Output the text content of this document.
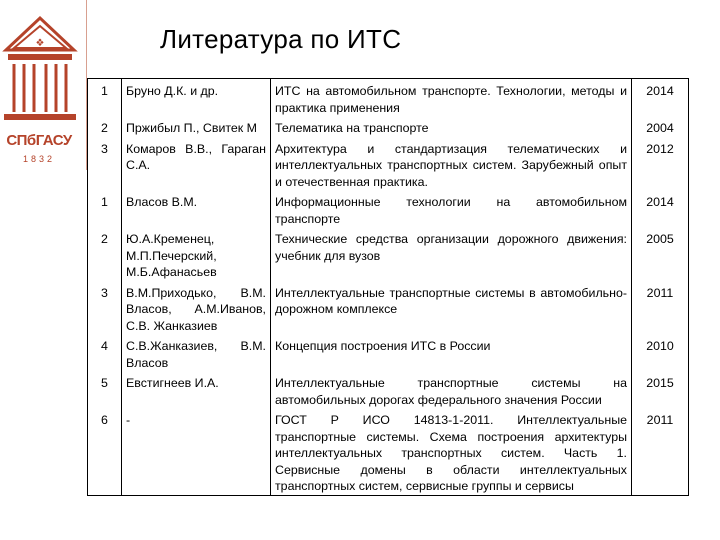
❖
СПбГАСУ
1832
Литература по ИТС
1	Бруно Д.К. и др.	ИТС на автомобильном транспорте. Технологии, методы и практика применения	2014
2	Пржибыл П., Свитек М	Телематика на транспорте	2004
3	Комаров В.В., Гараган С.А.	Архитектура и стандартизация телематических и интеллектуальных транспортных систем. Зарубежный опыт и отечественная практика.	2012
1	Власов В.М.	Информационные технологии на автомобильном транспорте	2014
2	Ю.А.Кременец, М.П.Печерский, М.Б.Афанасьев	Технические средства организации дорожного движения: учебник для вузов	2005
3	В.М.Приходько, В.М. Власов, А.М.Иванов, С.В. Жанказиев	Интеллектуальные транспортные системы в автомобильно-дорожном комплексе	2011
4	С.В.Жанказиев, В.М. Власов	Концепция построения ИТС в России	2010
5	Евстигнеев И.А.	Интеллектуальные транспортные системы на автомобильных дорогах федерального значения России	2015
6	-	ГОСТ Р ИСО 14813-1-2011. Интеллектуальные транспортные системы. Схема построения архитектуры интеллектуальных транспортных систем. Часть 1. Сервисные домены в области интеллектуальных транспортных систем, сервисные группы и сервисы	2011
